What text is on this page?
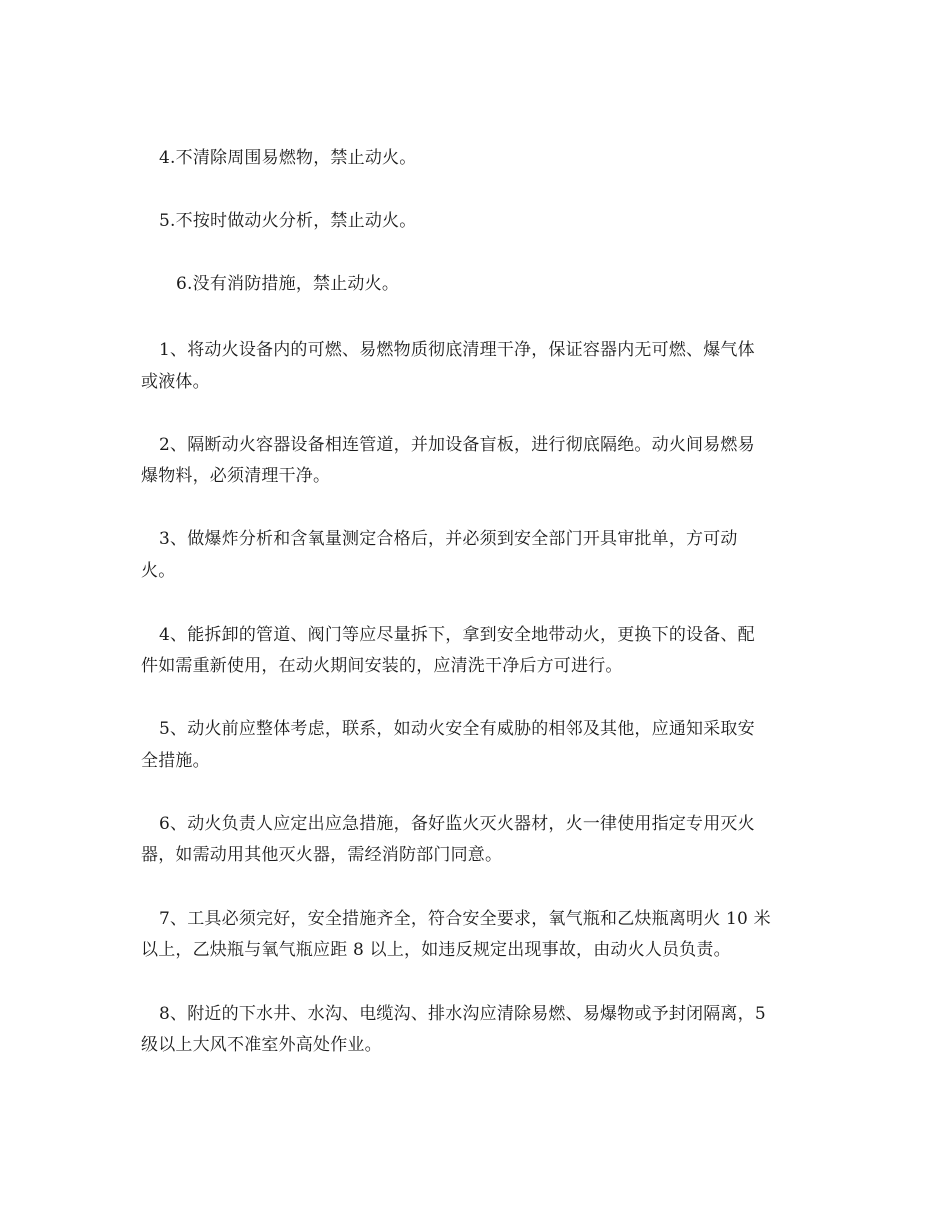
4.不清除周围易燃物，禁止动火。
5.不按时做动火分析，禁止动火。
6.没有消防措施，禁止动火。
1、将动火设备内的可燃、易燃物质彻底清理干净，保证容器内无可燃、爆气体
或液体。
2、隔断动火容器设备相连管道，并加设备盲板，进行彻底隔绝。动火间易燃易
爆物料，必须清理干净。
3、做爆炸分析和含氧量测定合格后，并必须到安全部门开具审批单，方可动
火。
4、能拆卸的管道、阀门等应尽量拆下，拿到安全地带动火，更换下的设备、配
件如需重新使用，在动火期间安装的，应清洗干净后方可进行。
5、动火前应整体考虑，联系，如动火安全有威胁的相邻及其他，应通知采取安
全措施。
6、动火负责人应定出应急措施，备好监火灭火器材，火一律使用指定专用灭火
器，如需动用其他灭火器，需经消防部门同意。
7、工具必须完好，安全措施齐全，符合安全要求，氧气瓶和乙炔瓶离明火 10 米
以上，乙炔瓶与氧气瓶应距 8 以上，如违反规定出现事故，由动火人员负责。
8、附近的下水井、水沟、电缆沟、排水沟应清除易燃、易爆物或予封闭隔离，5
级以上大风不准室外高处作业。
